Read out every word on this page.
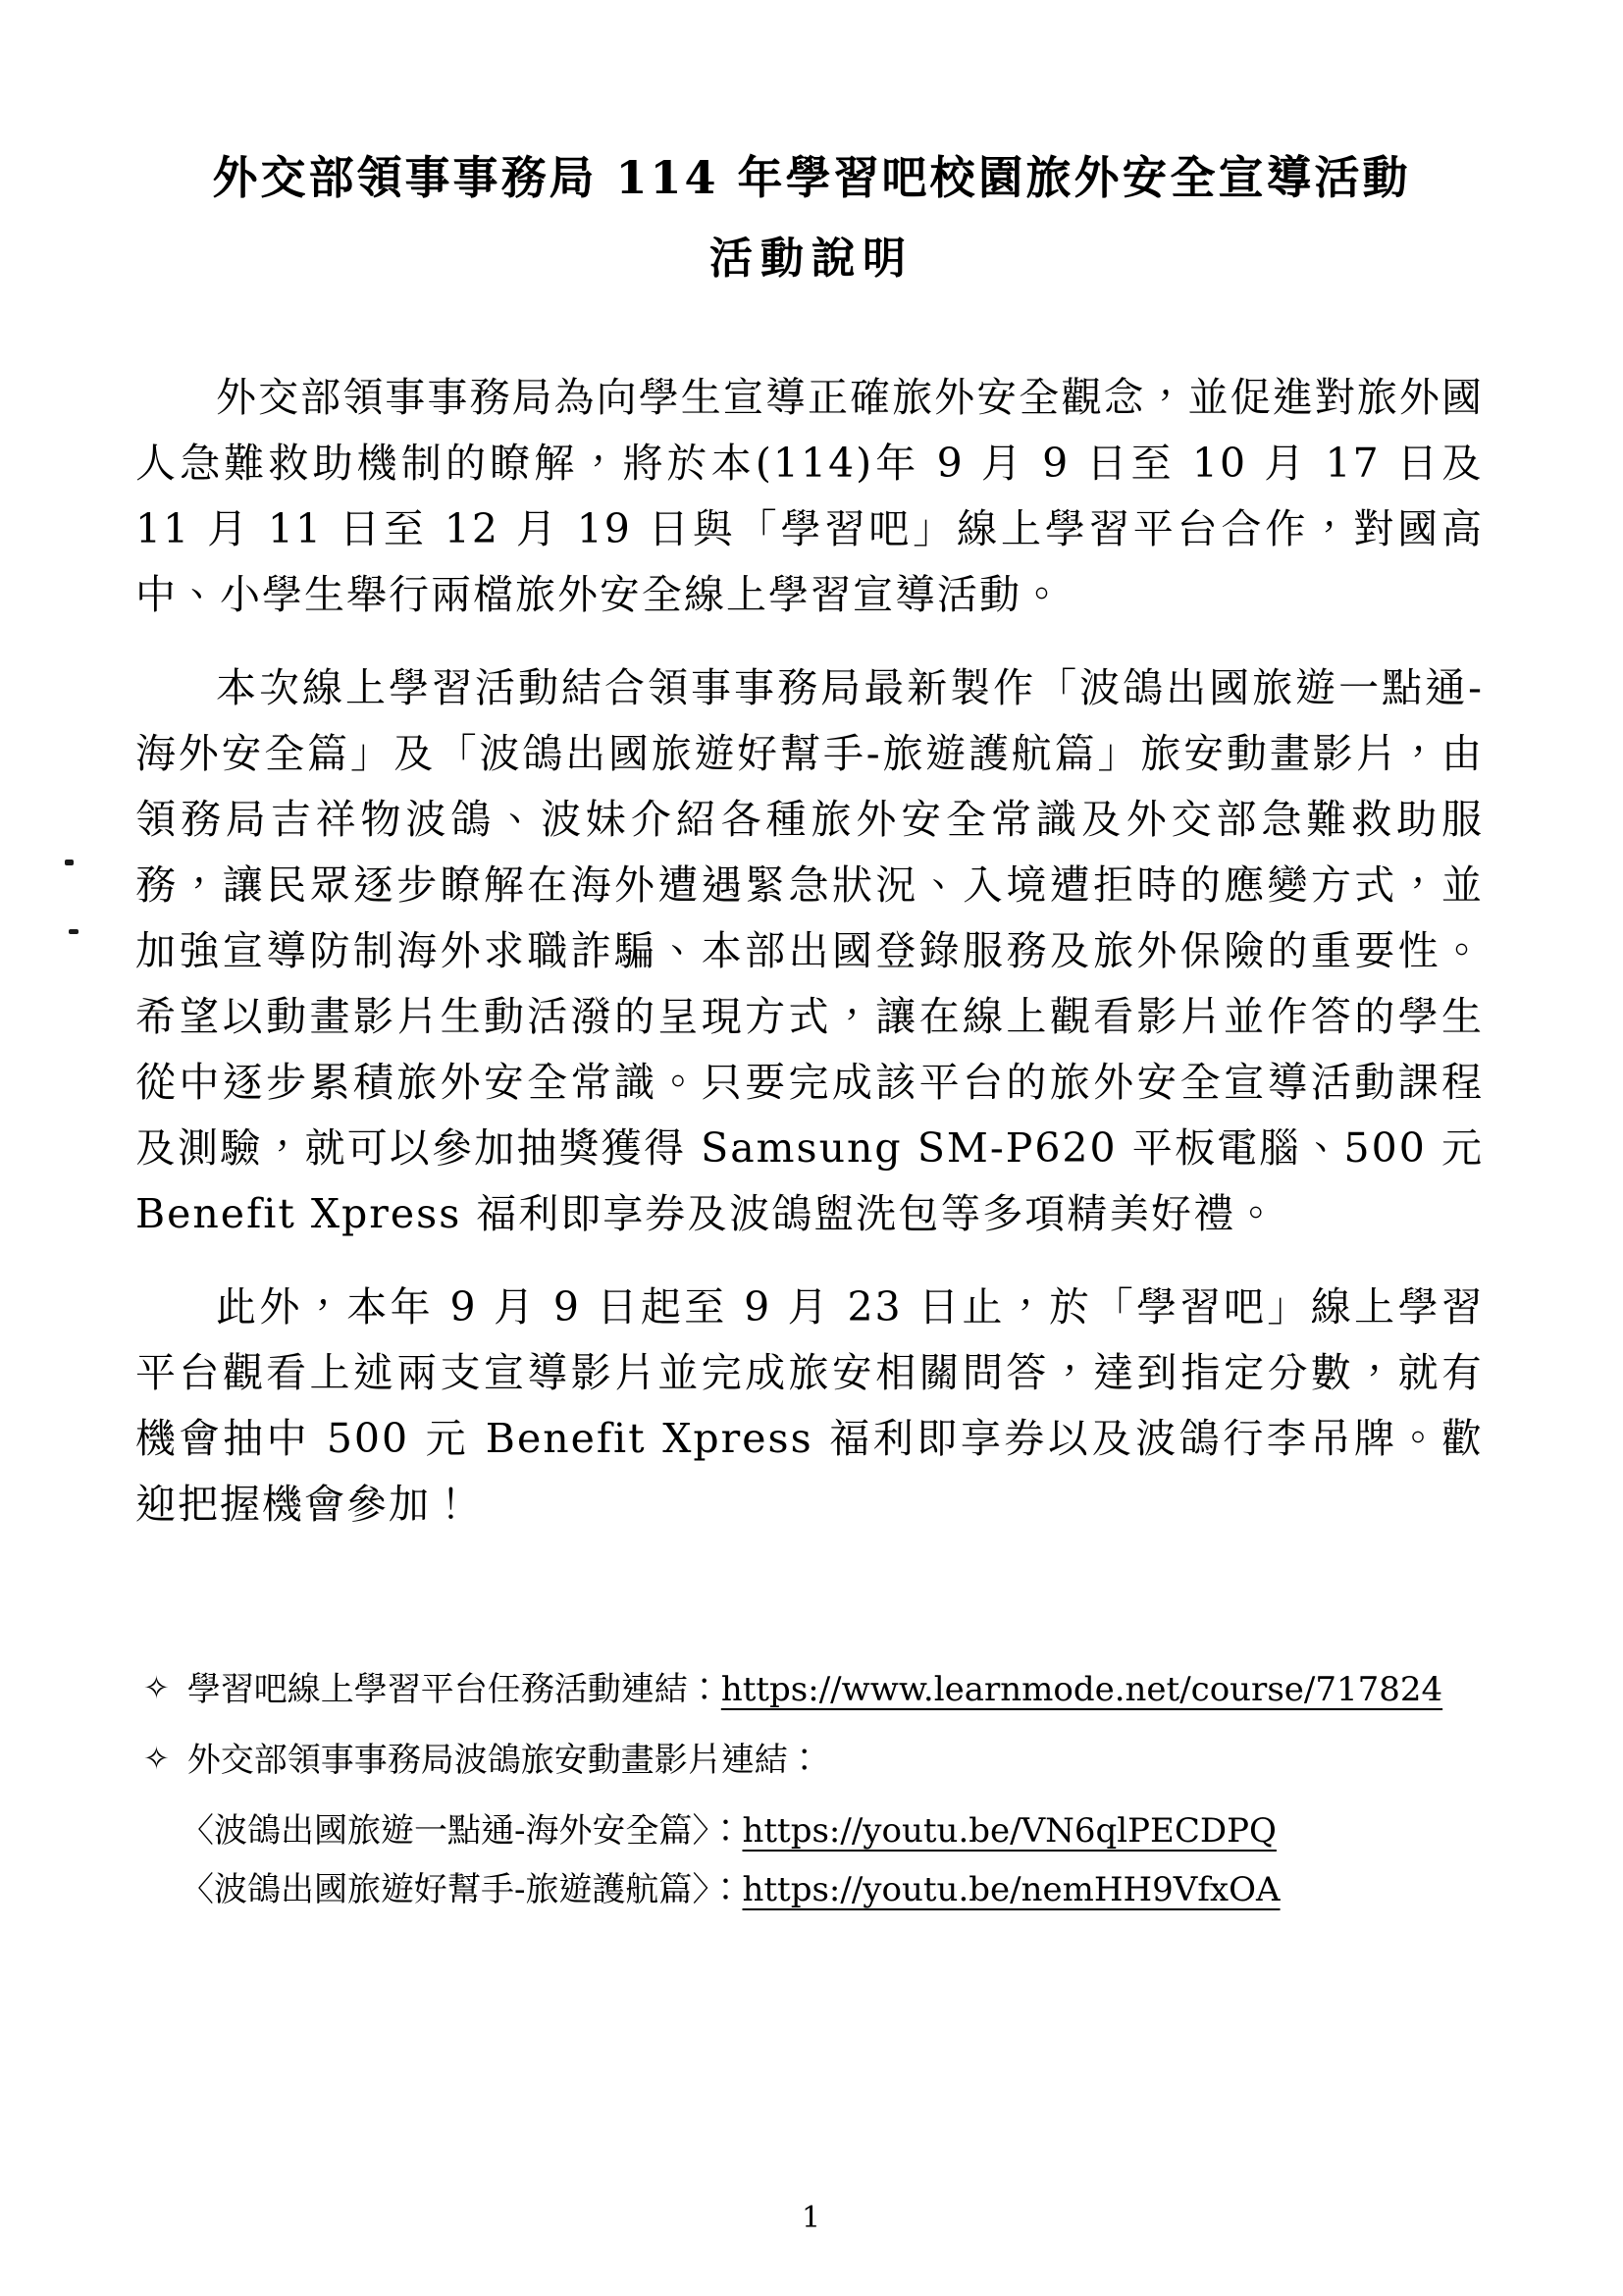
外交部領事事務局 114 年學習吧校園旅外安全宣導活動
活動說明

外交部領事事務局為向學生宣導正確旅外安全觀念，並促進對旅外國人急難救助機制的瞭解，將於本(114)年 9 月 9 日至 10 月 17 日及 11 月 11 日至 12 月 19 日與「學習吧」線上學習平台合作，對國高中、小學生舉行兩檔旅外安全線上學習宣導活動。

本次線上學習活動結合領事事務局最新製作「波鴿出國旅遊一點通-海外安全篇」及「波鴿出國旅遊好幫手-旅遊護航篇」旅安動畫影片，由領務局吉祥物波鴿、波妹介紹各種旅外安全常識及外交部急難救助服務，讓民眾逐步瞭解在海外遭遇緊急狀況、入境遭拒時的應變方式，並加強宣導防制海外求職詐騙、本部出國登錄服務及旅外保險的重要性。希望以動畫影片生動活潑的呈現方式，讓在線上觀看影片並作答的學生從中逐步累積旅外安全常識。只要完成該平台的旅外安全宣導活動課程及測驗，就可以參加抽獎獲得 Samsung SM-P620 平板電腦、500 元 Benefit Xpress 福利即享券及波鴿盥洗包等多項精美好禮。

此外，本年 9 月 9 日起至 9 月 23 日止，於「學習吧」線上學習平台觀看上述兩支宣導影片並完成旅安相關問答，達到指定分數，就有機會抽中 500 元 Benefit Xpress 福利即享券以及波鴿行李吊牌。歡迎把握機會參加！

✧ 學習吧線上學習平台任務活動連結：https://www.learnmode.net/course/717824
✧ 外交部領事事務局波鴿旅安動畫影片連結：
〈波鴿出國旅遊一點通-海外安全篇〉：https://youtu.be/VN6qlPECDPQ
〈波鴿出國旅遊好幫手-旅遊護航篇〉：https://youtu.be/nemHH9VfxOA
1
